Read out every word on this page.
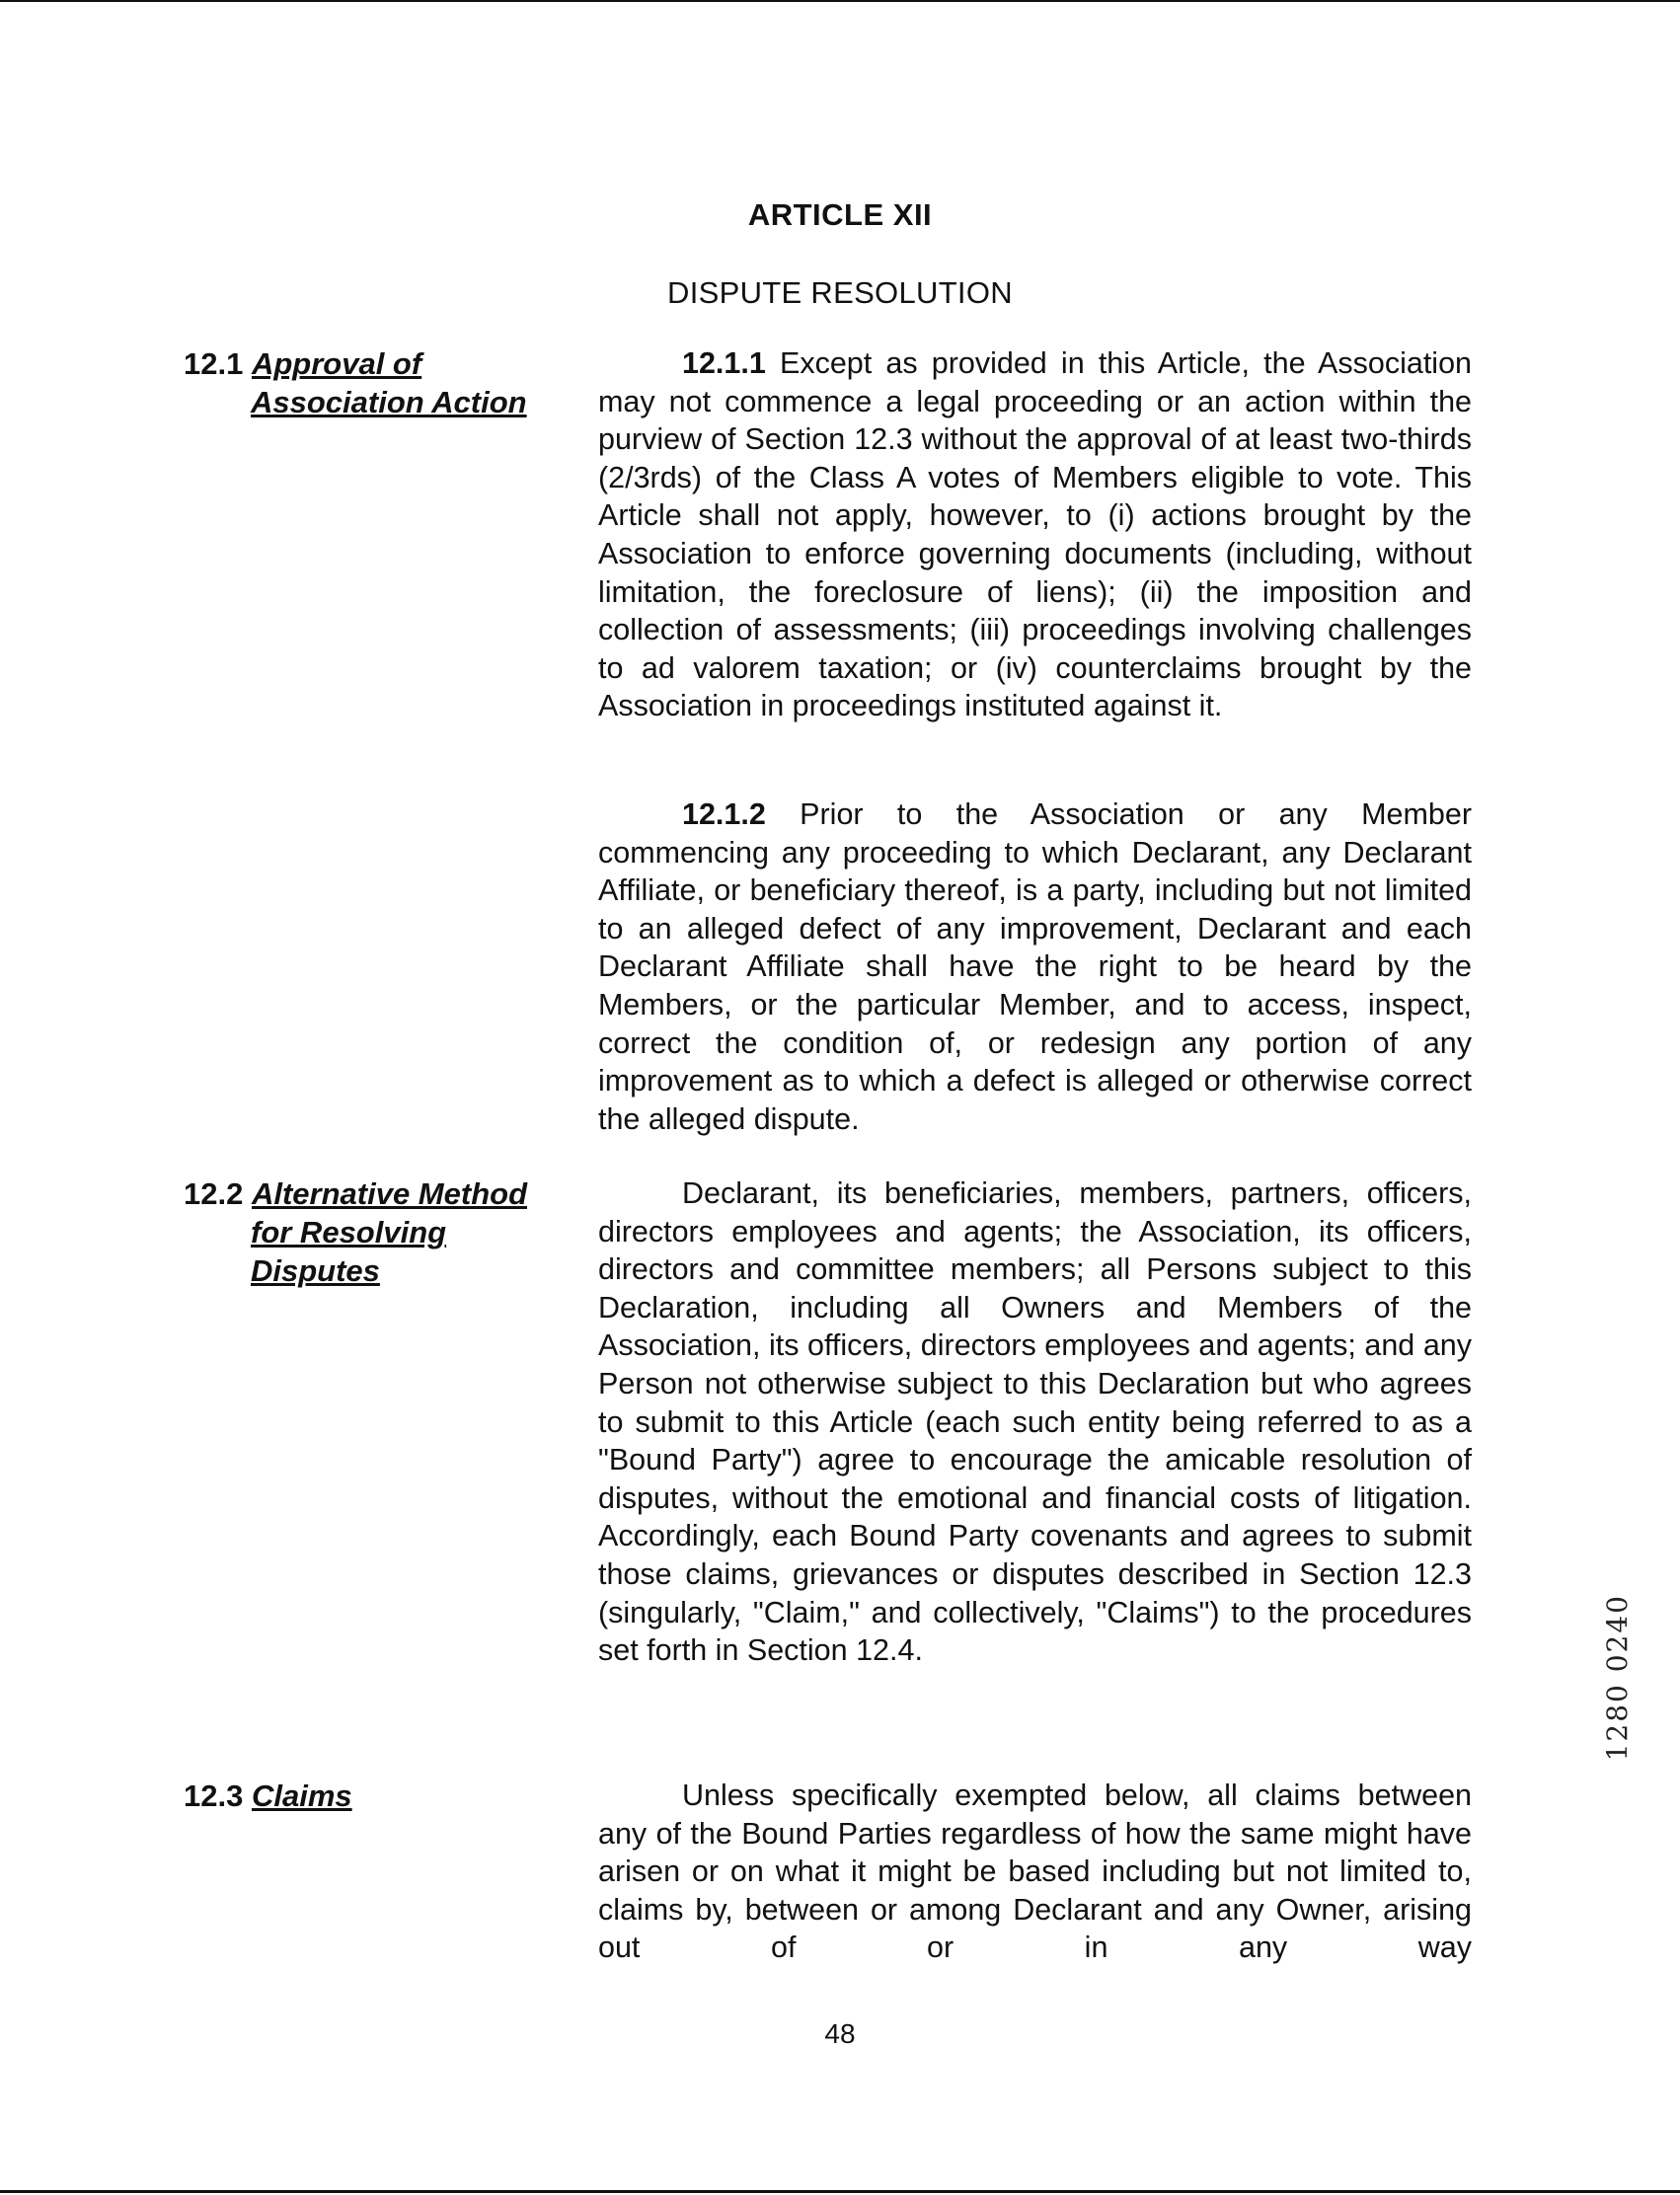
ARTICLE XII
DISPUTE RESOLUTION
12.1 Approval of
Association Action
12.1.1 Except as provided in this Article, the Association may not commence a legal proceeding or an action within the purview of Section 12.3 without the approval of at least two-thirds (2/3rds) of the Class A votes of Members eligible to vote. This Article shall not apply, however, to (i) actions brought by the Association to enforce governing documents (including, without limitation, the foreclosure of liens); (ii) the imposition and collection of assessments; (iii) proceedings involving challenges to ad valorem taxation; or (iv) counterclaims brought by the Association in proceedings instituted against it.
12.1.2 Prior to the Association or any Member commencing any proceeding to which Declarant, any Declarant Affiliate, or beneficiary thereof, is a party, including but not limited to an alleged defect of any improvement, Declarant and each Declarant Affiliate shall have the right to be heard by the Members, or the particular Member, and to access, inspect, correct the condition of, or redesign any portion of any improvement as to which a defect is alleged or otherwise correct the alleged dispute.
12.2 Alternative Method
for Resolving
Disputes
Declarant, its beneficiaries, members, partners, officers, directors employees and agents; the Association, its officers, directors and committee members; all Persons subject to this Declaration, including all Owners and Members of the Association, its officers, directors employees and agents; and any Person not otherwise subject to this Declaration but who agrees to submit to this Article (each such entity being referred to as a "Bound Party") agree to encourage the amicable resolution of disputes, without the emotional and financial costs of litigation. Accordingly, each Bound Party covenants and agrees to submit those claims, grievances or disputes described in Section 12.3 (singularly, "Claim," and collectively, "Claims") to the procedures set forth in Section 12.4.
12.3 Claims	Unless specifically exempted below, all claims between any of the Bound Parties regardless of how the same might have arisen or on what it might be based including but not limited to, claims by, between or among Declarant and any Owner, arising out of or in any way
1280 0240
48
